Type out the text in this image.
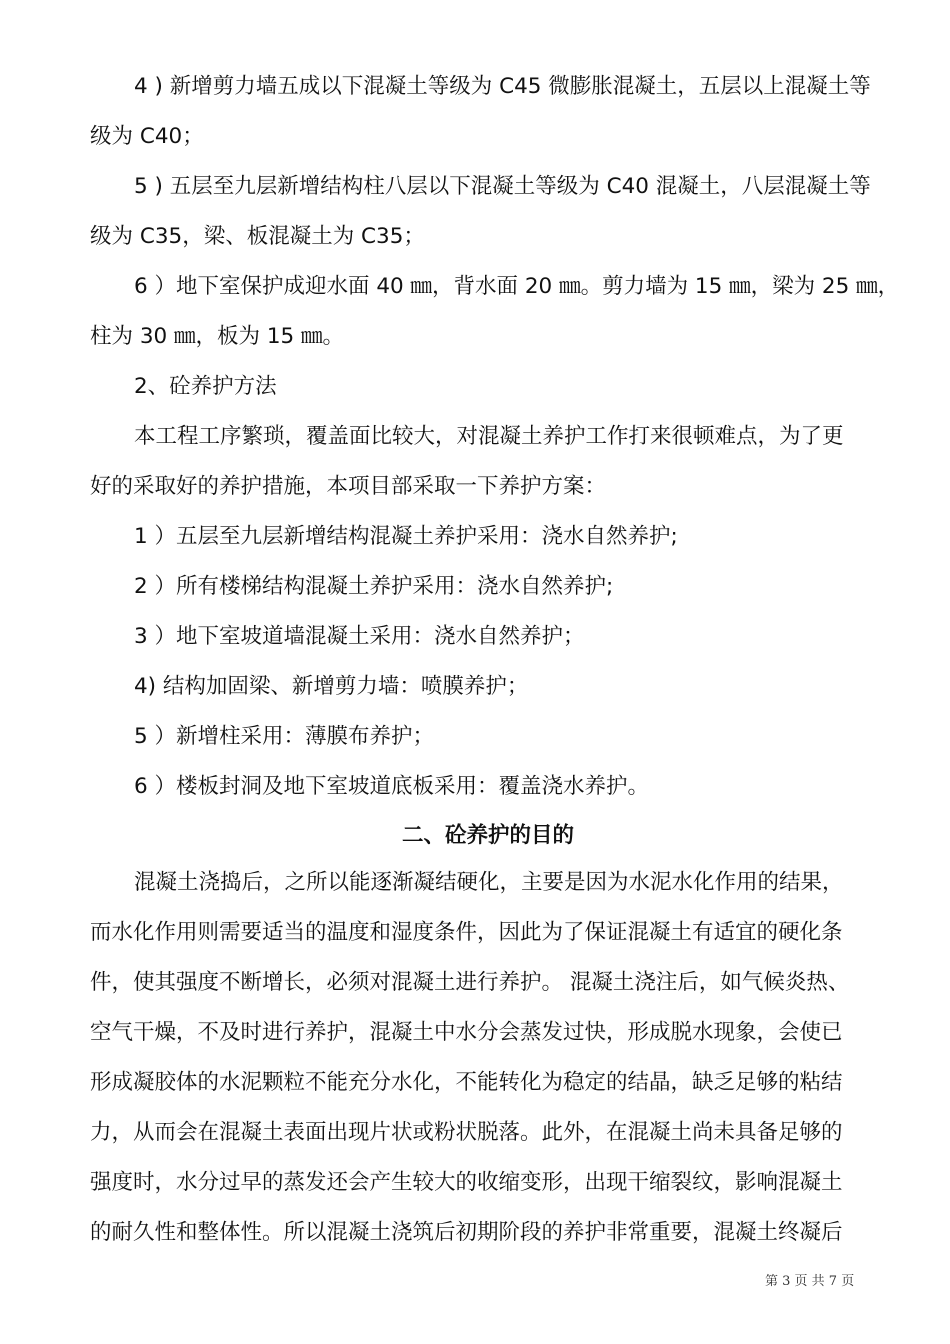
4 ) 新增剪力墙五成以下混凝土等级为 C45 微膨胀混凝土，五层以上混凝土等
级为 C40；
5 ) 五层至九层新增结构柱八层以下混凝土等级为 C40 混凝土，八层混凝土等
级为 C35，梁、板混凝土为 C35；
6 ）地下室保护成迎水面 40 ㎜，背水面 20 ㎜。剪力墙为 15 ㎜，梁为 25 ㎜，
柱为 30 ㎜，板为 15 ㎜。
2、砼养护方法
本工程工序繁琐，覆盖面比较大，对混凝土养护工作打来很顿难点，为了更
好的采取好的养护措施，本项目部采取一下养护方案：
1 ）五层至九层新增结构混凝土养护采用：浇水自然养护;
2 ）所有楼梯结构混凝土养护采用：浇水自然养护;
3 ）地下室坡道墙混凝土采用：浇水自然养护；
4) 结构加固梁、新增剪力墙：喷膜养护；
5 ）新增柱采用：薄膜布养护；
6 ）楼板封洞及地下室坡道底板采用：覆盖浇水养护。
二、砼养护的目的
混凝土浇捣后，之所以能逐渐凝结硬化，主要是因为水泥水化作用的结果，
而水化作用则需要适当的温度和湿度条件，因此为了保证混凝土有适宜的硬化条
件，使其强度不断增长，必须对混凝土进行养护。 混凝土浇注后，如气候炎热、
空气干燥，不及时进行养护，混凝土中水分会蒸发过快，形成脱水现象，会使已
形成凝胶体的水泥颗粒不能充分水化，不能转化为稳定的结晶，缺乏足够的粘结
力，从而会在混凝土表面出现片状或粉状脱落。此外，在混凝土尚未具备足够的
强度时，水分过早的蒸发还会产生较大的收缩变形，出现干缩裂纹，影响混凝土
的耐久性和整体性。所以混凝土浇筑后初期阶段的养护非常重要，混凝土终凝后
第 3 页 共 7 页
